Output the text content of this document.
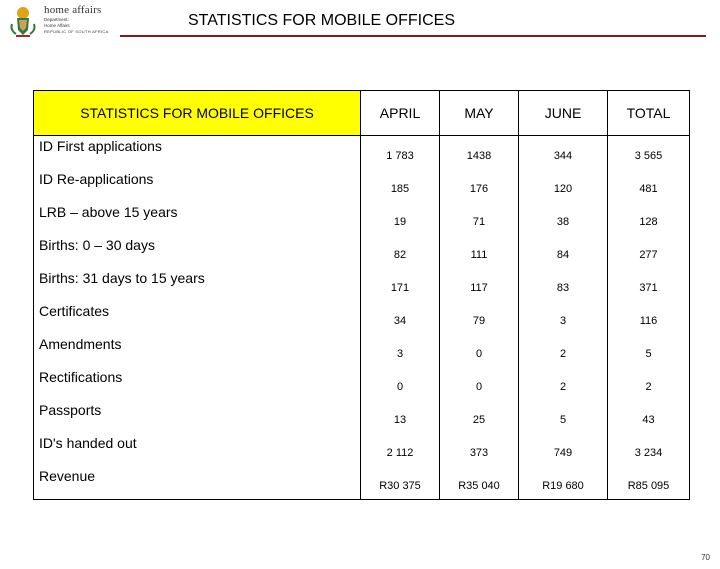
home affairs
Department:
Home Affairs
REPUBLIC OF SOUTH AFRICA
STATISTICS FOR MOBILE OFFICES
STATISTICS FOR MOBILE OFFICES	APRIL	MAY	JUNE	TOTAL
ID First applications	1 783	1438	344	3 565
ID Re-applications	185	176	120	481
LRB – above 15 years	19	71	38	128
Births: 0 – 30 days	82	111	84	277
Births: 31 days to 15 years	171	117	83	371
Certificates	34	79	3	116
Amendments	3	0	2	5
Rectifications	0	0	2	2
Passports	13	25	5	43
ID's handed out	2 112	373	749	3 234
Revenue	R30 375	R35 040	R19 680	R85 095
70
